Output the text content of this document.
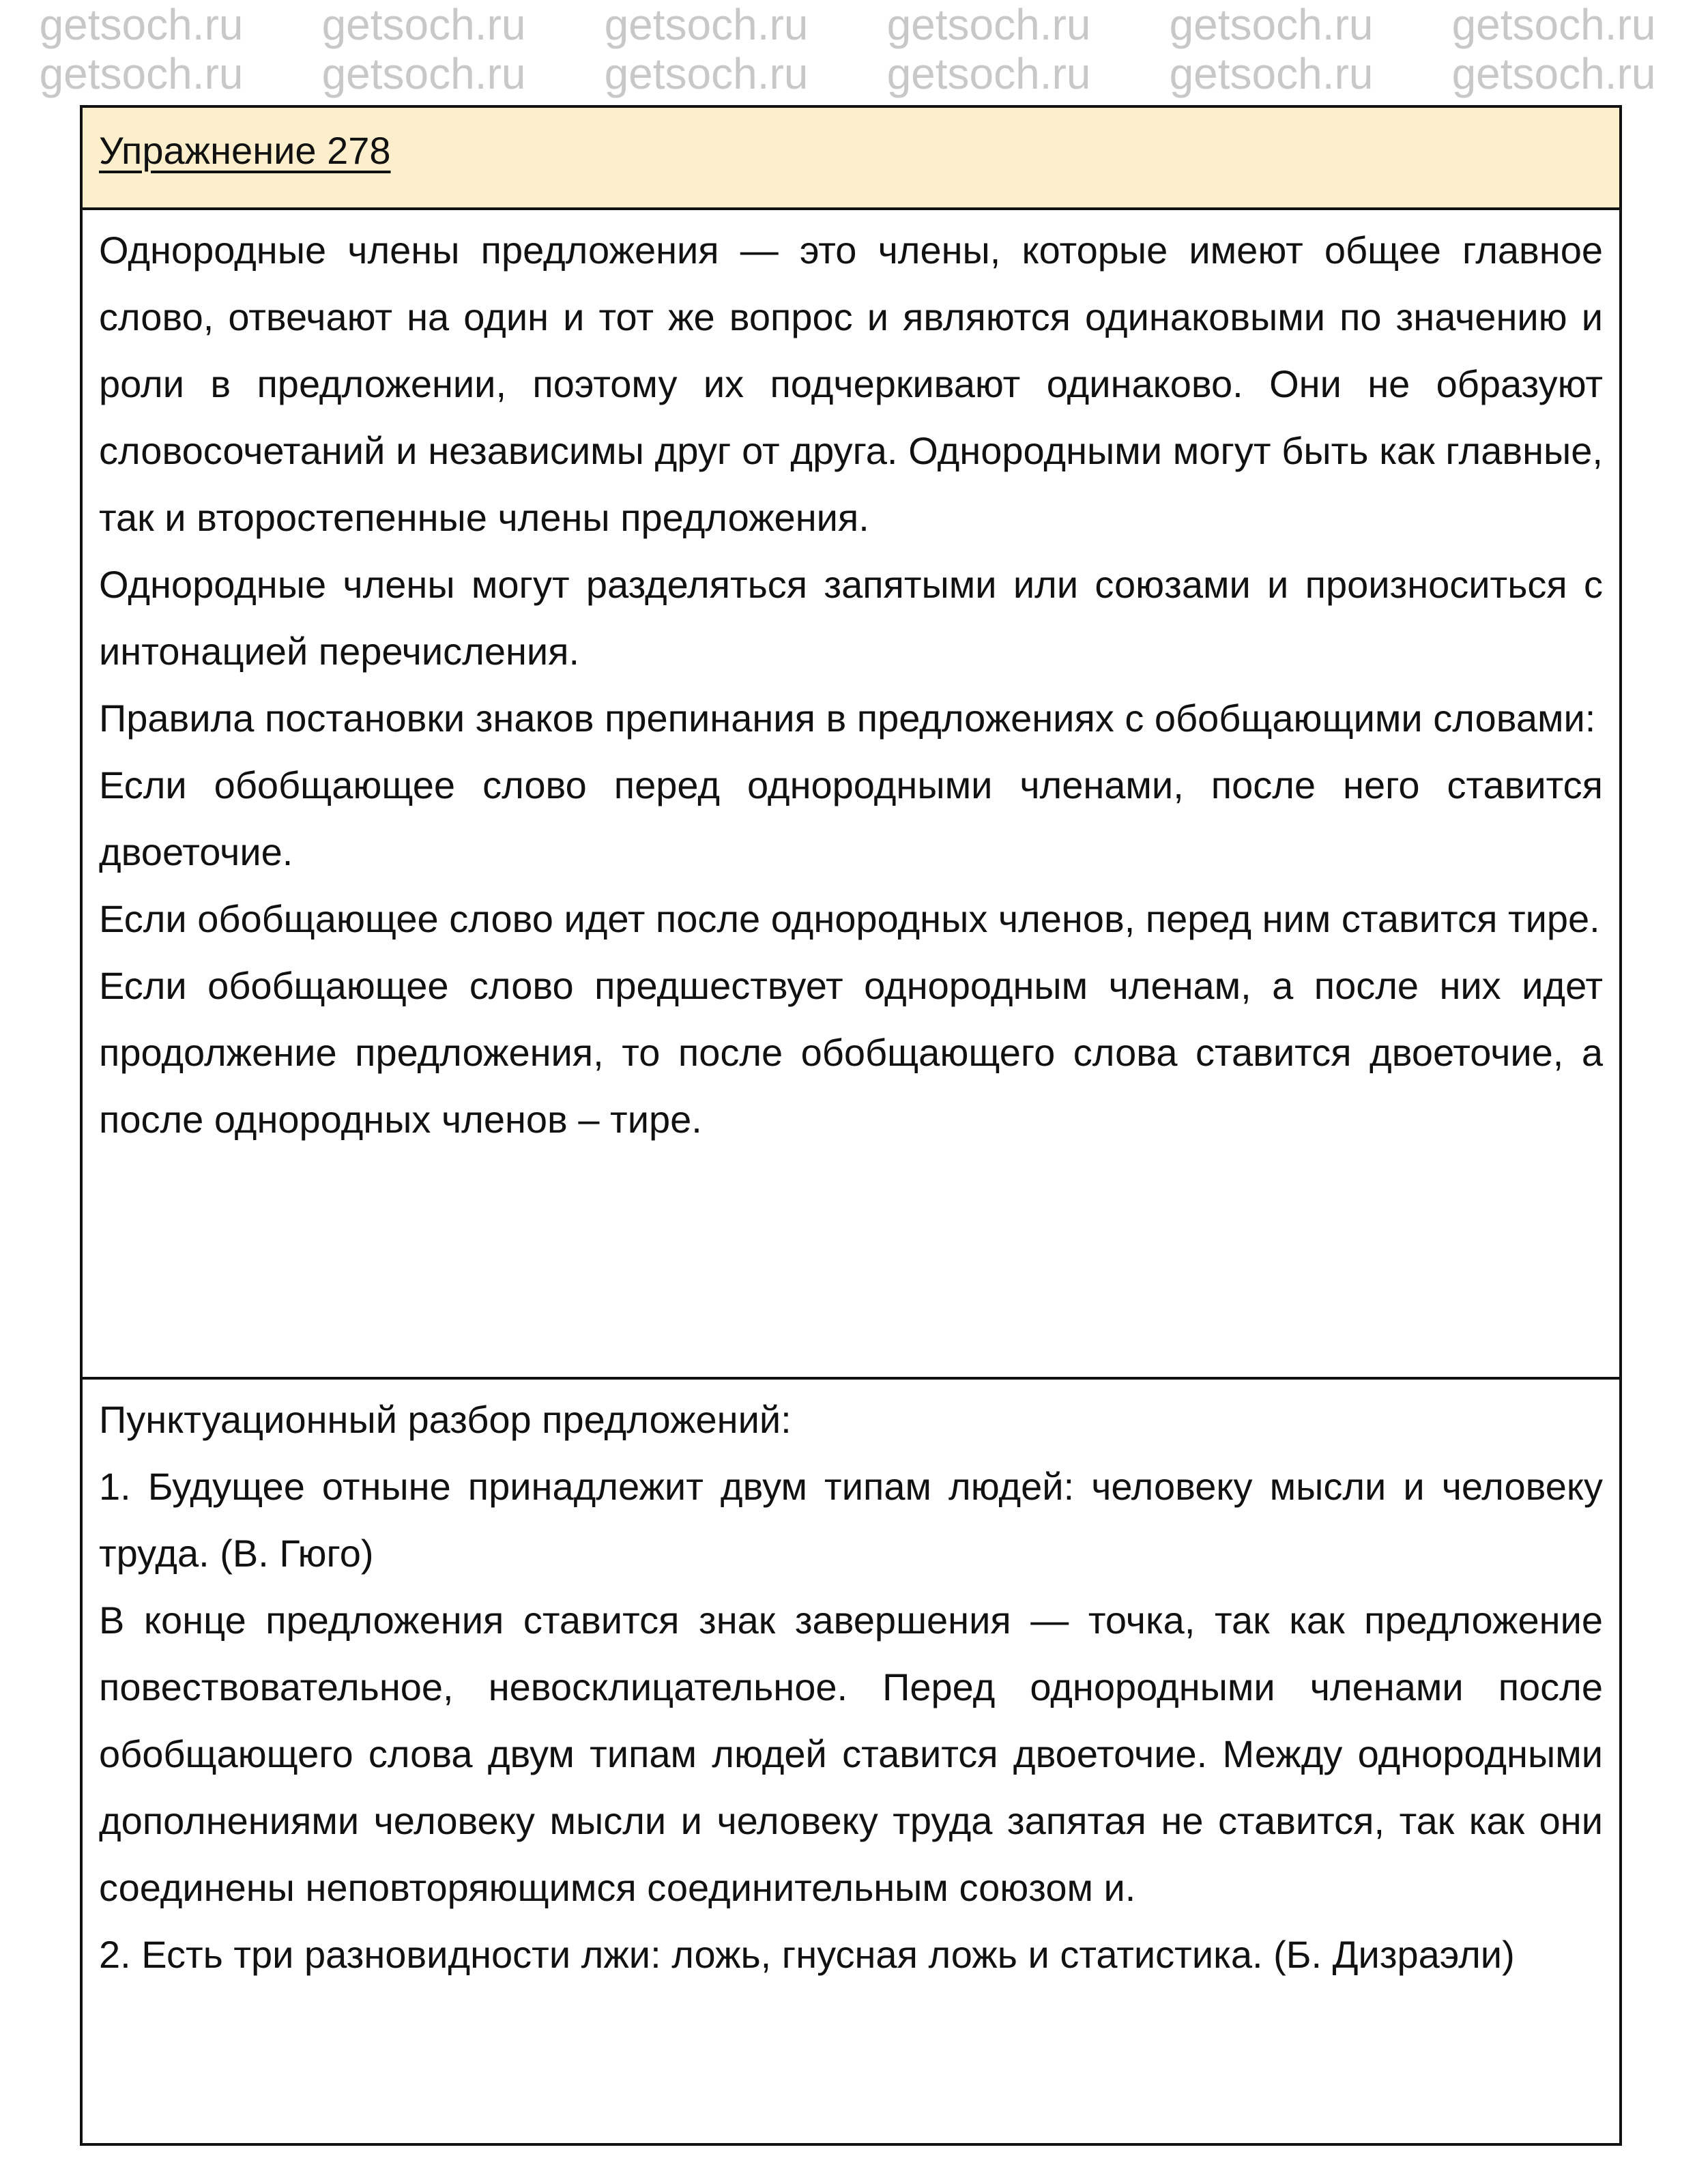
getsoch.ru getsoch.ru getsoch.ru getsoch.ru getsoch.ru getsoch.ru
getsoch.ru getsoch.ru getsoch.ru getsoch.ru getsoch.ru getsoch.ru
Упражнение 278

Однородные члены предложения — это члены, которые имеют общее главное слово, отвечают на один и тот же вопрос и являются одинаковыми по значению и роли в предложении, поэтому их подчеркивают одинаково. Они не образуют словосочетаний и независимы друг от друга. Однородными могут быть как главные, так и второстепенные члены предложения.

Однородные члены могут разделяться запятыми или союзами и произноситься с интонацией перечисления.

Правила постановки знаков препинания в предложениях с обобщающими словами:

Если обобщающее слово перед однородными членами, после него ставится двоеточие.

Если обобщающее слово идет после однородных членов, перед ним ставится тире.

Если обобщающее слово предшествует однородным членам, а после них идет продолжение предложения, то после обобщающего слова ставится двоеточие, а после однородных членов – тире.

Пунктуационный разбор предложений:

1. Будущее отныне принадлежит двум типам людей: человеку мысли и человеку труда. (В. Гюго)

В конце предложения ставится знак завершения — точка, так как предложение повествовательное, невосклицательное. Перед однородными членами после обобщающего слова двум типам людей ставится двоеточие. Между однородными дополнениями человеку мысли и человеку труда запятая не ставится, так как они соединены неповторяющимся соединительным союзом и.

2. Есть три разновидности лжи: ложь, гнусная ложь и статистика. (Б. Дизраэли)
